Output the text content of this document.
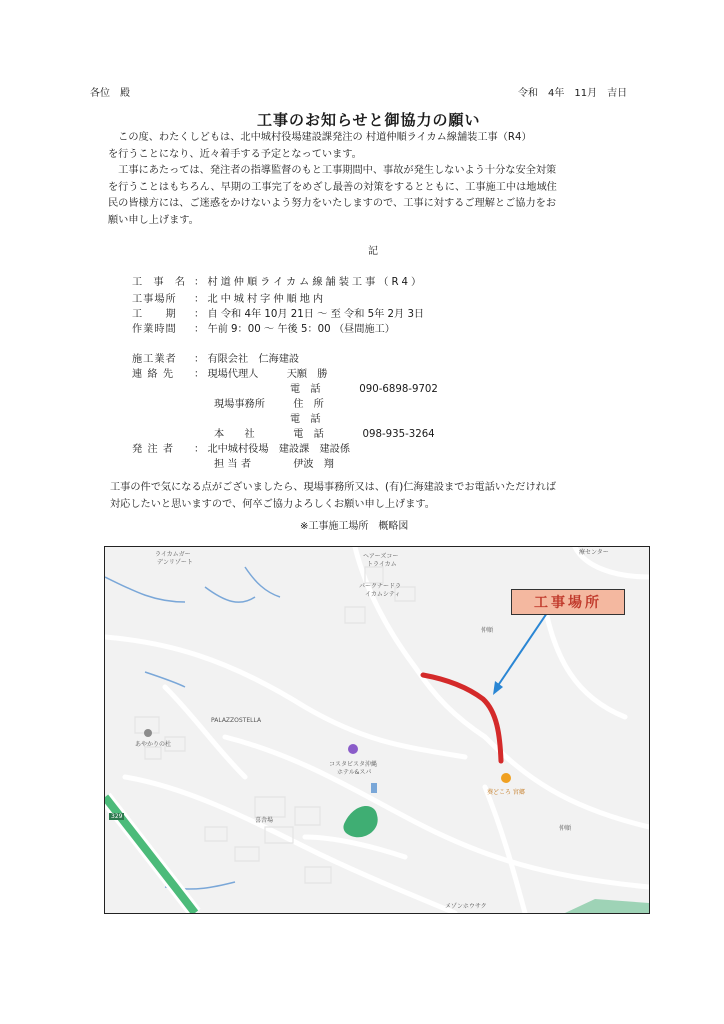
各位　殿	令和　4年　11月　吉日
工事のお知らせと御協力の願い
　この度、わたくしどもは、北中城村役場建設課発注の 村道仲順ライカム線舗装工事（R4）
を行うことになり、近々着手する予定となっています。
　工事にあたっては、発注者の指導監督のもと工事期間中、事故が発生しないよう十分な安全対策
を行うことはもちろん、早期の工事完了をめざし最善の対策をするとともに、工事施工中は地域住
民の皆様方には、ご迷惑をかけないよう努力をいたしますので、工事に対するご理解とご協力をお
願い申し上げます。
記
工 事 名 ： 村道仲順ライカム線舗装工事（R4）
工事場所 ： 北中城村字仲順地内
工　　期 ： 自 令和 4年 10月 21日 ～ 至 令和 5年 2月 3日
作業時間 ： 午前 9：00 ～ 午後 5：00 （昼間施工）
施工業者 ： 有限会社　仁海建設
連 絡 先 ： 現場代理人	天願　勝
電　話	090-6898-9702
現場事務所	住　所
電　話
本　　社	電　話	098-935-3264
発 注 者 ： 北中城村役場　建設課　建設係
担 当 者	伊波　翔
工事の件で気になる点がございましたら、現場事務所又は、(有)仁海建設までお電話いただければ
対応したいと思いますので、何卒ご協力よろしくお願い申し上げます。
※工事施工場所　概略図
工事場所
ライカムガー
デンリゾート
ヘアーズコー
トライカム
パークナードラ
イカムシティ
PALAZZOSTELLA
あやかりの杜
コスタビスタ沖縄
ホテル&スパ
仲順
喜舎場
仲順
メゾンホウサク
療センター
葵どころ 宮郷
329
